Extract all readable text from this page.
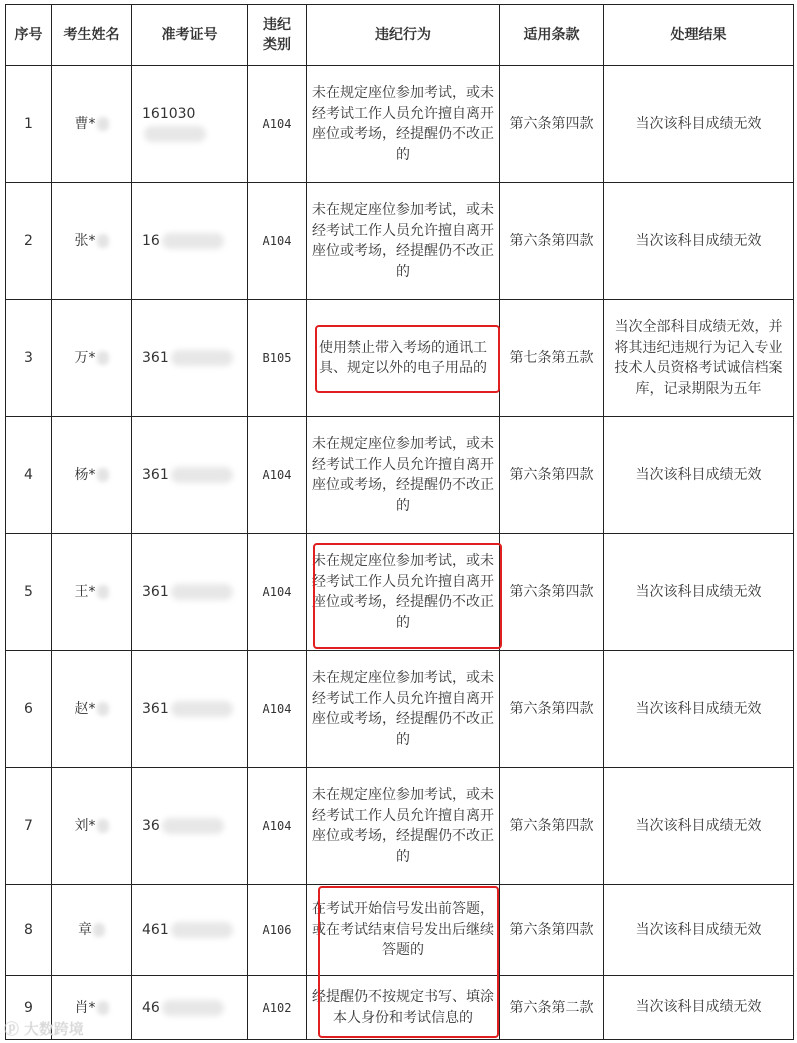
序号	考生姓名	准考证号	违纪类别	违纪行为	适用条款	处理结果
1	曹*	161030	A104	未在规定座位参加考试，或未经考试工作人员允许擅自离开座位或考场，经提醒仍不改正的	第六条第四款	当次该科目成绩无效
2	张*	16	A104	未在规定座位参加考试，或未经考试工作人员允许擅自离开座位或考场，经提醒仍不改正的	第六条第四款	当次该科目成绩无效
3	万*	361	B105	使用禁止带入考场的通讯工具、规定以外的电子用品的	第七条第五款	当次全部科目成绩无效，并将其违纪违规行为记入专业技术人员资格考试诚信档案库，记录期限为五年
4	杨*	361	A104	未在规定座位参加考试，或未经考试工作人员允许擅自离开座位或考场，经提醒仍不改正的	第六条第四款	当次该科目成绩无效
5	王*	361	A104	未在规定座位参加考试，或未经考试工作人员允许擅自离开座位或考场，经提醒仍不改正的	第六条第四款	当次该科目成绩无效
6	赵*	361	A104	未在规定座位参加考试，或未经考试工作人员允许擅自离开座位或考场，经提醒仍不改正的	第六条第四款	当次该科目成绩无效
7	刘*	36	A104	未在规定座位参加考试，或未经考试工作人员允许擅自离开座位或考场，经提醒仍不改正的	第六条第四款	当次该科目成绩无效
8	章	461	A106	在考试开始信号发出前答题，或在考试结束信号发出后继续答题的	第六条第四款	当次该科目成绩无效
9	肖*	46	A102	经提醒仍不按规定书写、填涂本人身份和考试信息的	第六条第二款	当次该科目成绩无效
ⓟ 大数跨境
